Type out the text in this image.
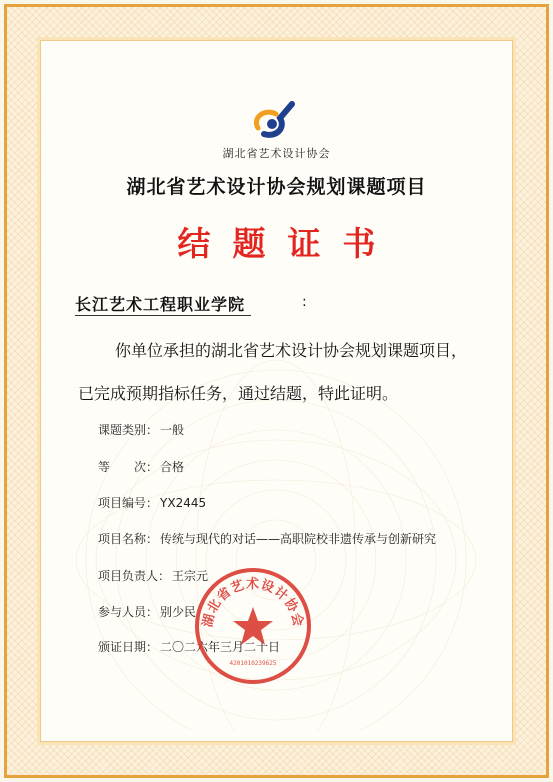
湖北省艺术设计协会
湖北省艺术设计协会规划课题项目
结题证书
长江艺术工程职业学院	:
你单位承担的湖北省艺术设计协会规划课题项目，
已完成预期指标任务，通过结题，特此证明。
课题类别： 一般
等　　次： 合格
项目编号： YX2445
项目名称： 传统与现代的对话——高职院校非遗传承与创新研究
项目负责人： 王宗元
参与人员： 别少民
颁证日期： 二〇二六年三月二十日
湖北省艺术设计协会
4201010239625
